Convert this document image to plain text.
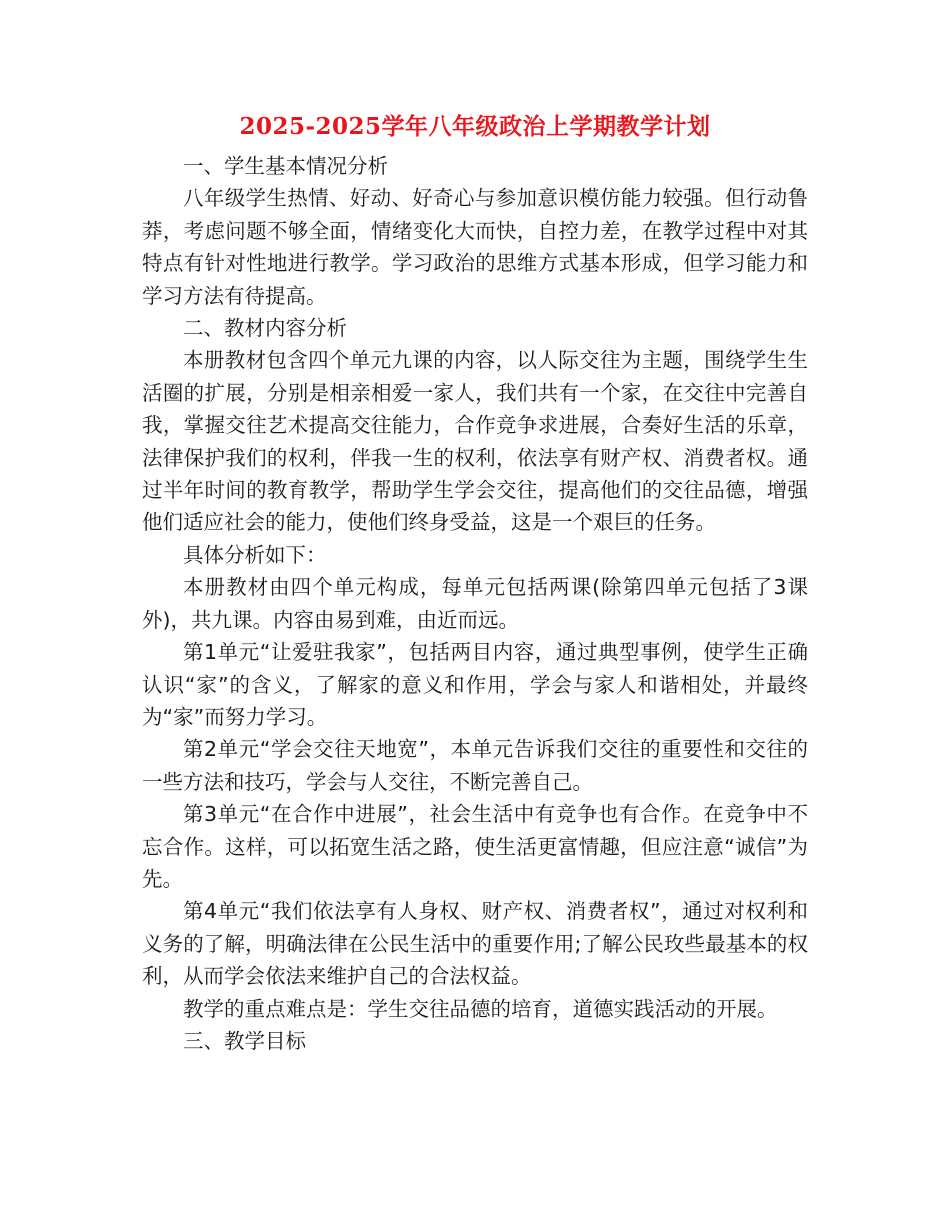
2025-2025学年八年级政治上学期教学计划

一、学生基本情况分析

八年级学生热情、好动、好奇心与参加意识模仿能力较强。但行动鲁莽，考虑问题不够全面，情绪变化大而快，自控力差，在教学过程中对其特点有针对性地进行教学。学习政治的思维方式基本形成，但学习能力和学习方法有待提高。

二、教材内容分析

本册教材包含四个单元九课的内容，以人际交往为主题，围绕学生生活圈的扩展，分别是相亲相爱一家人，我们共有一个家，在交往中完善自我，掌握交往艺术提高交往能力，合作竞争求进展，合奏好生活的乐章，法律保护我们的权利，伴我一生的权利，依法享有财产权、消费者权。通过半年时间的教育教学，帮助学生学会交往，提高他们的交往品德，增强他们适应社会的能力，使他们终身受益，这是一个艰巨的任务。

具体分析如下：

本册教材由四个单元构成，每单元包括两课(除第四单元包括了3课外)，共九课。内容由易到难，由近而远。

第1单元“让爱驻我家”，包括两目内容，通过典型事例，使学生正确认识“家”的含义，了解家的意义和作用，学会与家人和谐相处，并最终为“家”而努力学习。

第2单元“学会交往天地宽”，本单元告诉我们交往的重要性和交往的一些方法和技巧，学会与人交往，不断完善自己。

第3单元“在合作中进展”，社会生活中有竞争也有合作。在竞争中不忘合作。这样，可以拓宽生活之路，使生活更富情趣，但应注意“诚信”为先。

第4单元“我们依法享有人身权、财产权、消费者权”，通过对权利和义务的了解，明确法律在公民生活中的重要作用;了解公民玫些最基本的权利，从而学会依法来维护自己的合法权益。

教学的重点难点是：学生交往品德的培育，道德实践活动的开展。

三、教学目标
